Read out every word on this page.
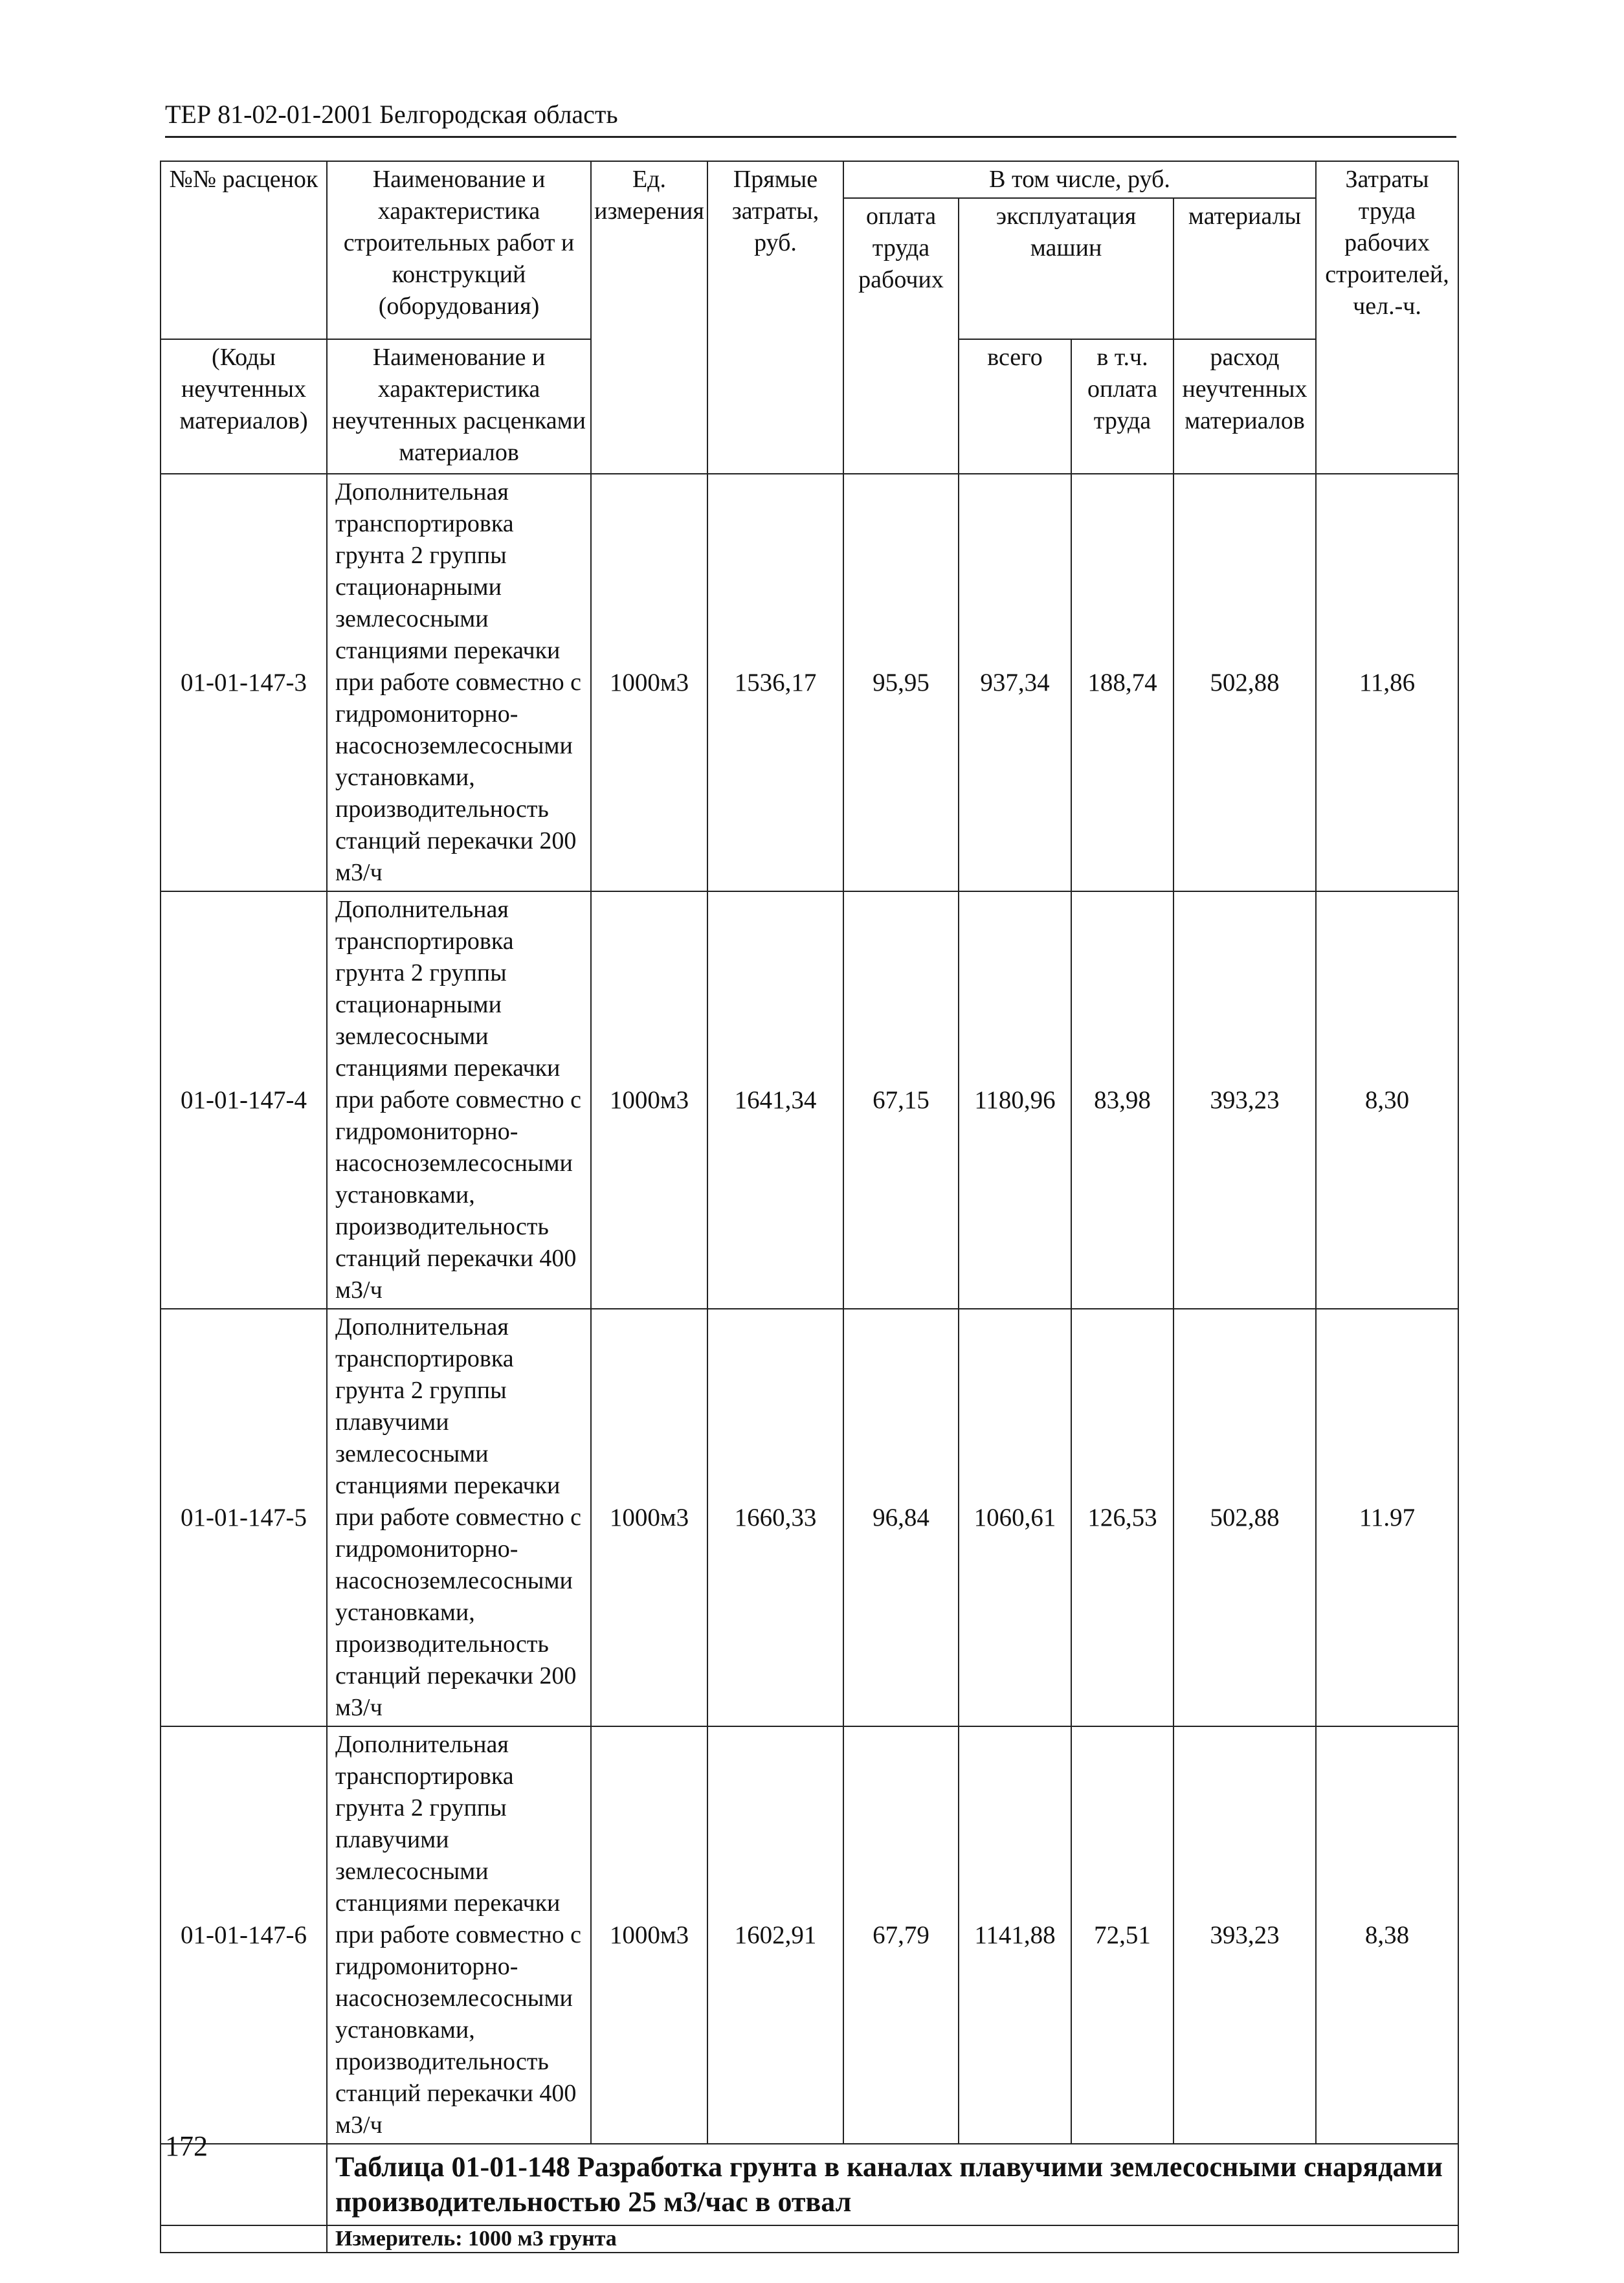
ТЕР 81-02-01-2001 Белгородская область
№№ расценок	Наименование и характеристика строительных работ и конструкций (оборудования)	Ед. измерения	Прямые затраты, руб.	В том числе, руб.				Затраты труда рабочих строителей, чел.-ч.
				оплата труда рабочих	эксплуатация машин		материалы	
(Коды неучтенных материалов)	Наименование и характеристика неучтенных расценками материалов				всего	в т.ч. оплата труда	расход неучтенных материалов	
01-01-147-3	Дополнительная транспортировка грунта 2 группы стационарными землесосными станциями перекачки при работе совместно с гидромониторно-насосноземлесосными установками, производительность станций перекачки 200 м3/ч	1000м3	1536,17	95,95	937,34	188,74	502,88	11,86
01-01-147-4	Дополнительная транспортировка грунта 2 группы стационарными землесосными станциями перекачки при работе совместно с гидромониторно-насосноземлесосными установками, производительность станций перекачки 400 м3/ч	1000м3	1641,34	67,15	1180,96	83,98	393,23	8,30
01-01-147-5	Дополнительная транспортировка грунта 2 группы плавучими землесосными станциями перекачки при работе совместно с гидромониторно-насосноземлесосными установками, производительность станций перекачки 200 м3/ч	1000м3	1660,33	96,84	1060,61	126,53	502,88	11.97
01-01-147-6	Дополнительная транспортировка грунта 2 группы плавучими землесосными станциями перекачки при работе совместно с гидромониторно-насосноземлесосными установками, производительность станций перекачки 400 м3/ч	1000м3	1602,91	67,79	1141,88	72,51	393,23	8,38
	Таблица 01-01-148 Разработка грунта в каналах плавучими землесосными снарядами производительностью 25 м3/час в отвал							
	Измеритель: 1000 м3 грунта							
172
